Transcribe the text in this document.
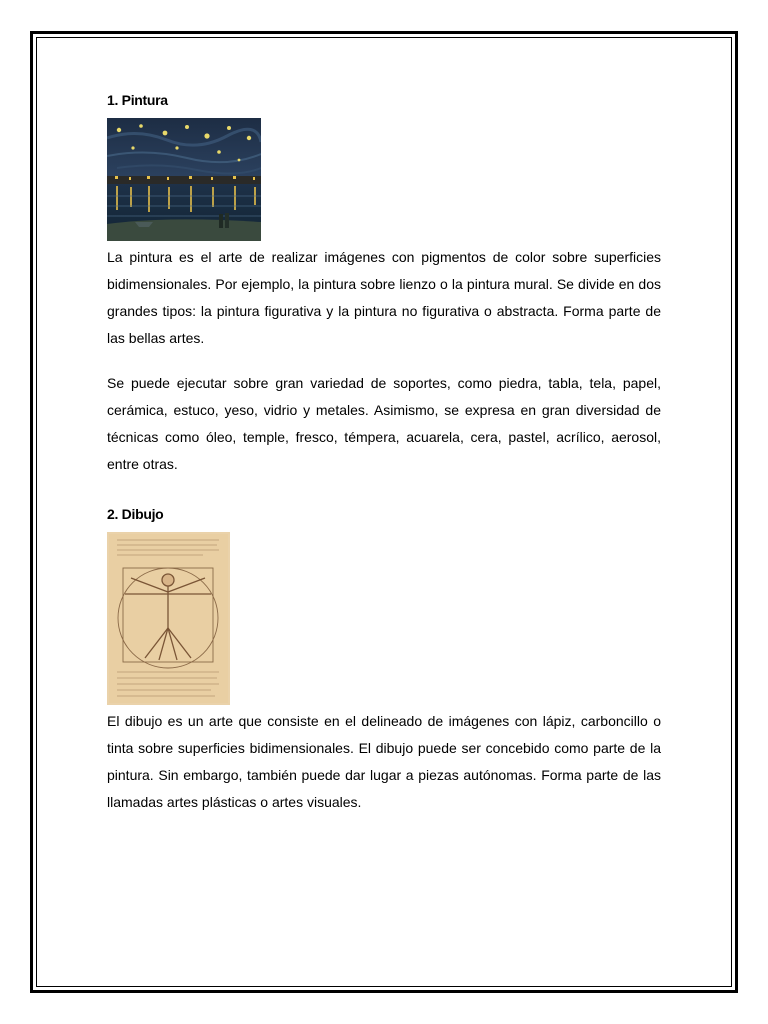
1. Pintura

La pintura es el arte de realizar imágenes con pigmentos de color sobre superficies bidimensionales. Por ejemplo, la pintura sobre lienzo o la pintura mural. Se divide en dos grandes tipos: la pintura figurativa y la pintura no figurativa o abstracta. Forma parte de las bellas artes.

Se puede ejecutar sobre gran variedad de soportes, como piedra, tabla, tela, papel, cerámica, estuco, yeso, vidrio y metales. Asimismo, se expresa en gran diversidad de técnicas como óleo, temple, fresco, témpera, acuarela, cera, pastel, acrílico, aerosol, entre otras.

2. Dibujo

El dibujo es un arte que consiste en el delineado de imágenes con lápiz, carboncillo o tinta sobre superficies bidimensionales. El dibujo puede ser concebido como parte de la pintura. Sin embargo, también puede dar lugar a piezas autónomas. Forma parte de las llamadas artes plásticas o artes visuales.
